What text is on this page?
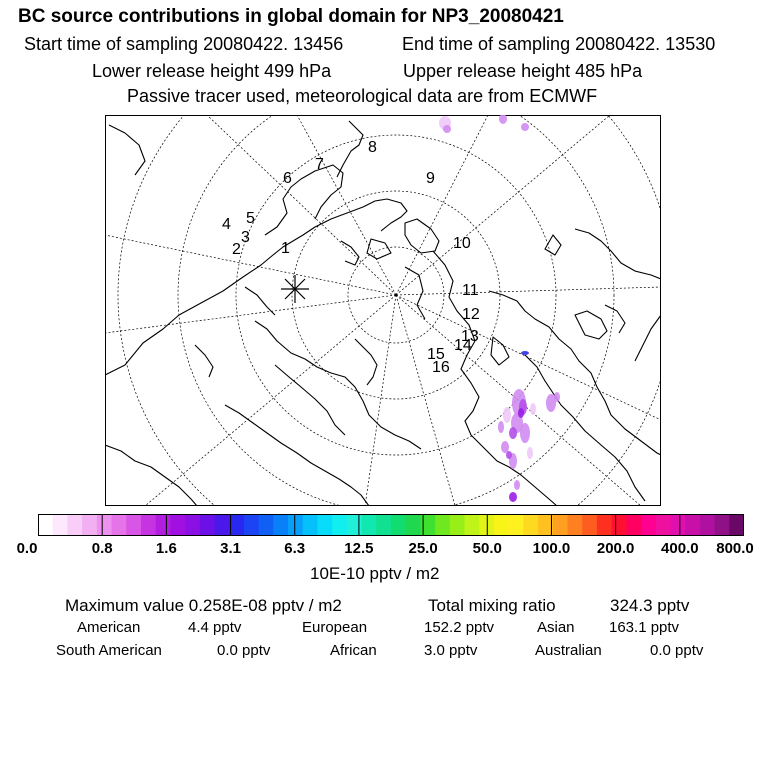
BC source contributions in global domain for NP3_20080421
Start time of sampling 20080422. 13456	End time of sampling 20080422. 13530
Lower release height 499 hPa	Upper release height 485 hPa
Passive tracer used, meteorological data are from ECMWF
1
2
3
4 5
6
7
8
9
10
11
12
13
14
15
16
0.0	0.8	1.6	3.1	6.3	12.5 25.0 50.0 100.0 200.0 400.0 800.0
10E-10 pptv / m2
Maximum value 0.258E-08 pptv / m2	Total mixing ratio	324.3 pptv
American	4.4 pptv	European	152.2 pptv	Asian 163.1 pptv
South American	0.0 pptv	African	3.0 pptv	Australian	0.0 pptv
